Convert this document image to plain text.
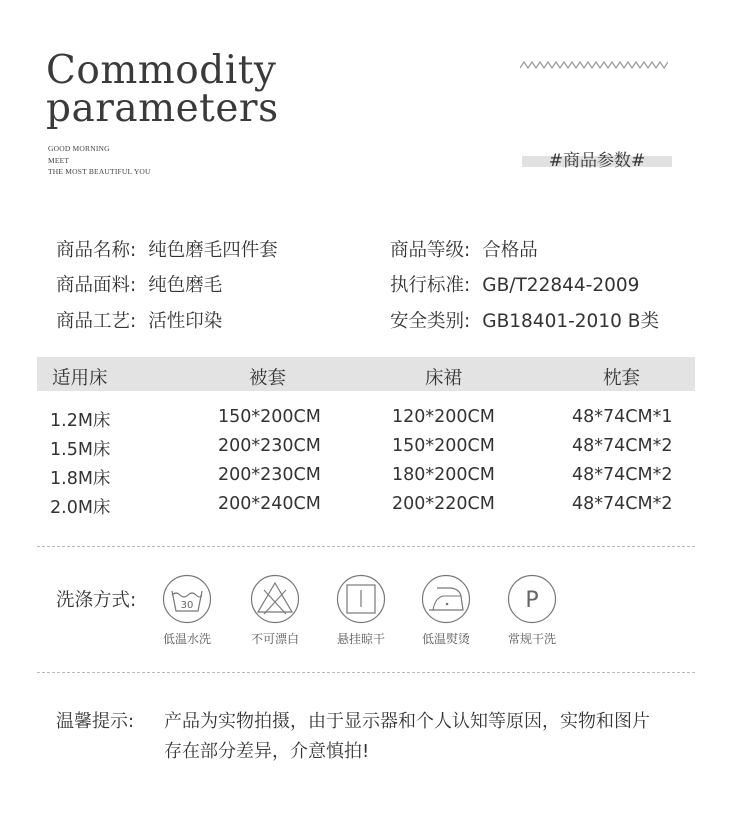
Commodity
parameters
GOOD MORNING
MEET
THE MOST BEAUTIFUL YOU
#商品参数#
商品名称: 纯色磨毛四件套	商品等级: 合格品
商品面料: 纯色磨毛	执行标准: GB/T22844-2009
商品工艺: 活性印染	安全类别: GB18401-2010 B类
适用床	被套	床裙	枕套
1.2M床	150*200CM	120*200CM	48*74CM*1
1.5M床	200*230CM	150*200CM	48*74CM*2
1.8M床	200*230CM	180*200CM	48*74CM*2
2.0M床	200*240CM	200*220CM	48*74CM*2
洗涤方式:	30
低温水洗	不可漂白	悬挂晾干	低温熨烫
P
常规干洗
温馨提示: 产品为实物拍摄，由于显示器和个人认知等原因，实物和图片
存在部分差异，介意慎拍!
